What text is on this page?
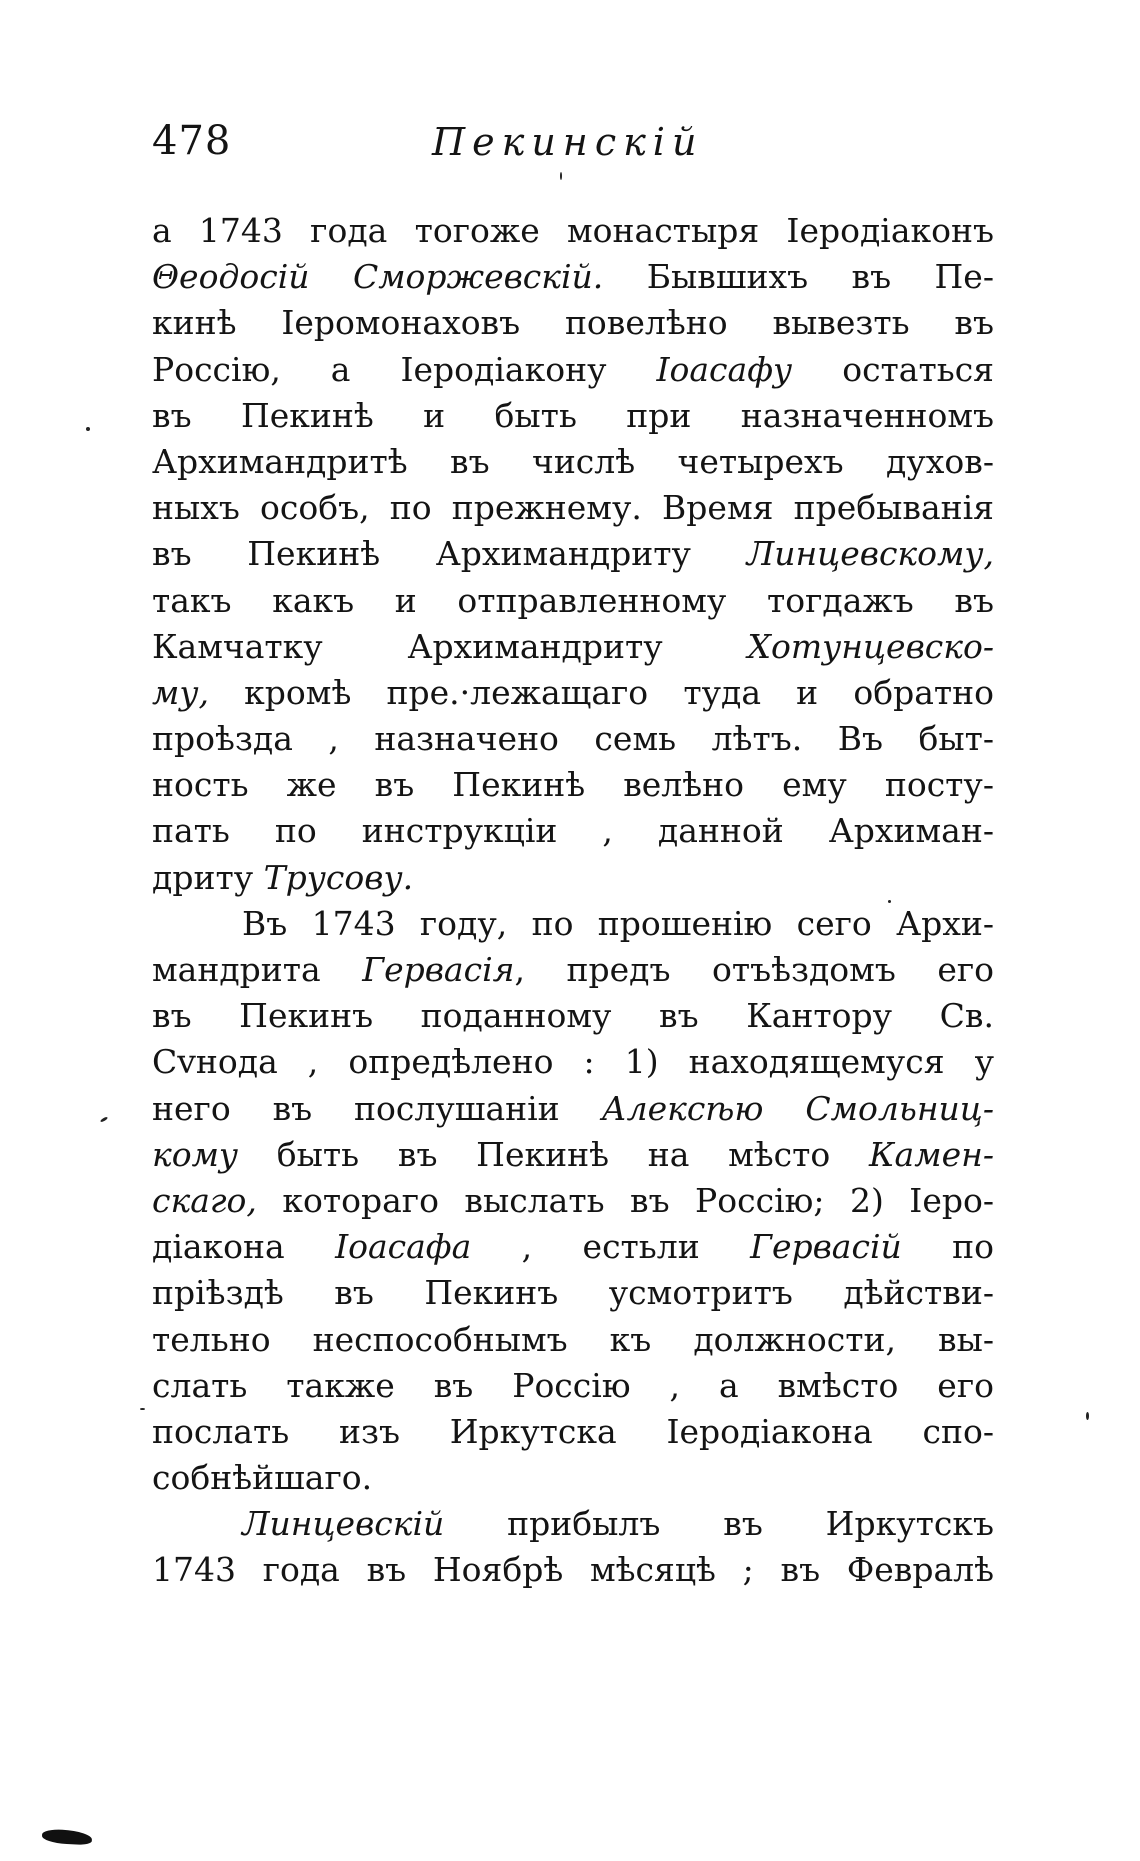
478	Пекинскій
а 1743 года тогоже монастыря Іеродіаконъ
Θеодосій Сморжевскій. Бывшихъ въ Пе-
кинѣ Іеромонаховъ повелѣно вывезть въ
Россію, а Іеродіакону Іоасафу остаться
въ Пекинѣ и быть при назначенномъ
Архимандритѣ въ числѣ четырехъ духов-
ныхъ особъ, по прежнему. Время пребыванія
въ Пекинѣ Архимандриту Линцевскому,
такъ какъ и отправленному тогдажъ въ
Камчатку Архимандриту Хотунцевско-
му, кромѣ пре.·лежащаго туда и обратно
проѣзда , назначено семь лѣтъ. Въ быт-
ность же въ Пекинѣ велѣно ему посту-
пать по инструкціи , данной Архиман-
дриту Трусову.
Въ 1743 году, по прошенію сего Архи-
мандрита Гервасія, предъ отъѣздомъ его
въ Пекинъ поданному въ Кантору Св.
Сvнода , опредѣлено : 1) находящемуся у
него въ послушаніи Алексѣю Смольниц-
кому быть въ Пекинѣ на мѣсто Камен-
скаго, котораго выслать въ Россію; 2) Іеро-
діакона Іоасафа , естьли Гервасій по
пріѣздѣ въ Пекинъ усмотритъ дѣйстви-
тельно неспособнымъ къ должности, вы-
слать также въ Россію , а вмѣсто его
послать изъ Иркутска Іеродіакона спо-
собнѣйшаго.
Линцевскій прибылъ въ Иркутскъ
1743 года въ Ноябрѣ мѣсяцѣ ; въ Февралѣ
